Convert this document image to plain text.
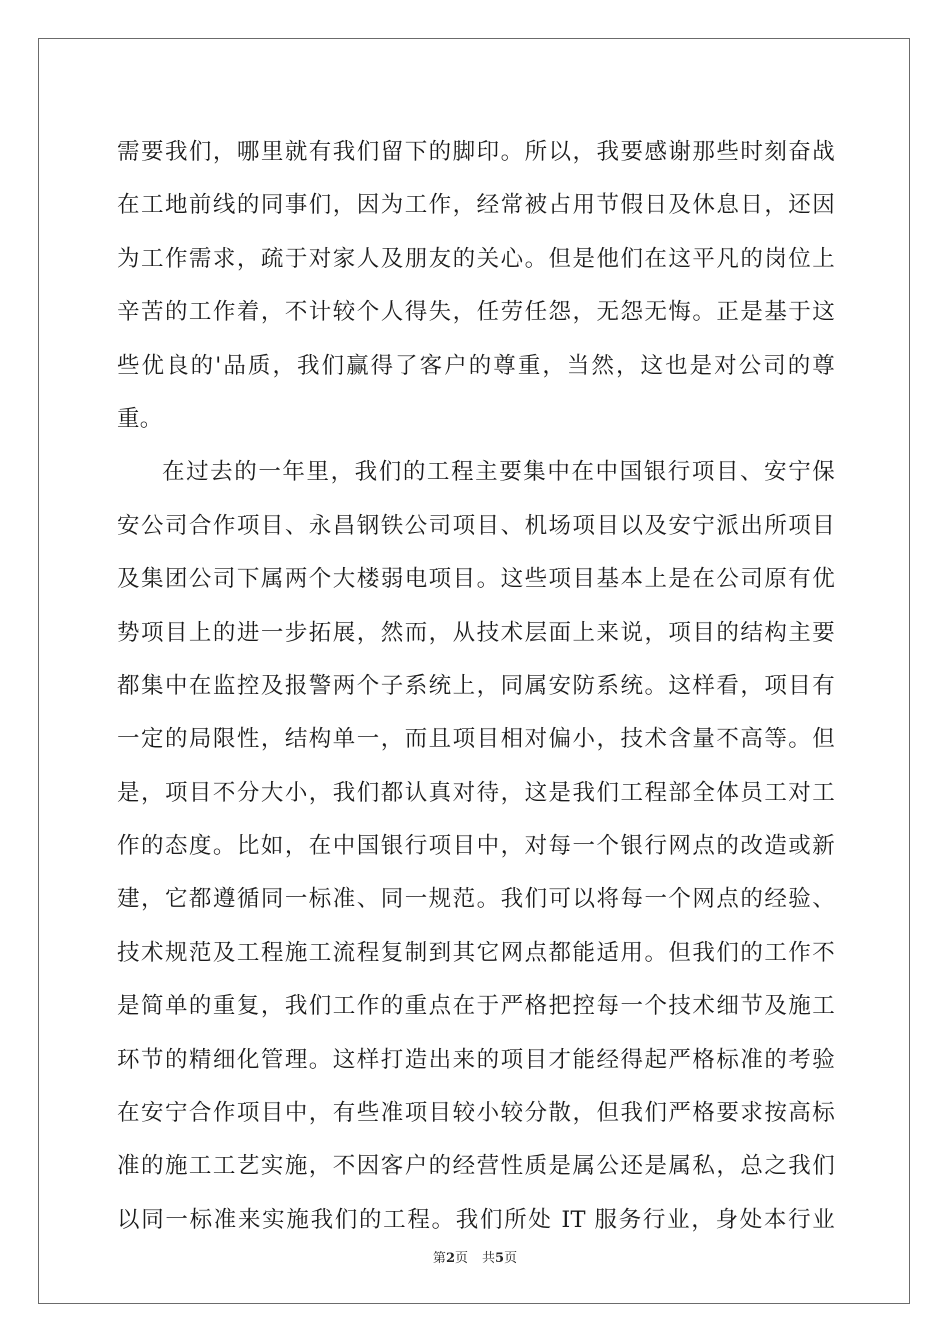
需要我们，哪里就有我们留下的脚印。所以，我要感谢那些时刻奋战
在工地前线的同事们，因为工作，经常被占用节假日及休息日，还因
为工作需求，疏于对家人及朋友的关心。但是他们在这平凡的岗位上
辛苦的工作着，不计较个人得失，任劳任怨，无怨无悔。正是基于这
些优良的'品质，我们赢得了客户的尊重，当然，这也是对公司的尊
重。
在过去的一年里，我们的工程主要集中在中国银行项目、安宁保
安公司合作项目、永昌钢铁公司项目、机场项目以及安宁派出所项目
及集团公司下属两个大楼弱电项目。这些项目基本上是在公司原有优
势项目上的进一步拓展，然而，从技术层面上来说，项目的结构主要
都集中在监控及报警两个子系统上，同属安防系统。这样看，项目有
一定的局限性，结构单一，而且项目相对偏小，技术含量不高等。但
是，项目不分大小，我们都认真对待，这是我们工程部全体员工对工
作的态度。比如，在中国银行项目中，对每一个银行网点的改造或新
建，它都遵循同一标准、同一规范。我们可以将每一个网点的经验、
技术规范及工程施工流程复制到其它网点都能适用。但我们的工作不
是简单的重复，我们工作的重点在于严格把控每一个技术细节及施工
环节的精细化管理。这样打造出来的项目才能经得起严格标准的考验
在安宁合作项目中，有些准项目较小较分散，但我们严格要求按高标
准的施工工艺实施，不因客户的经营性质是属公还是属私，总之我们
以同一标准来实施我们的工程。我们所处 IT 服务行业，身处本行业
第2页 共5页
